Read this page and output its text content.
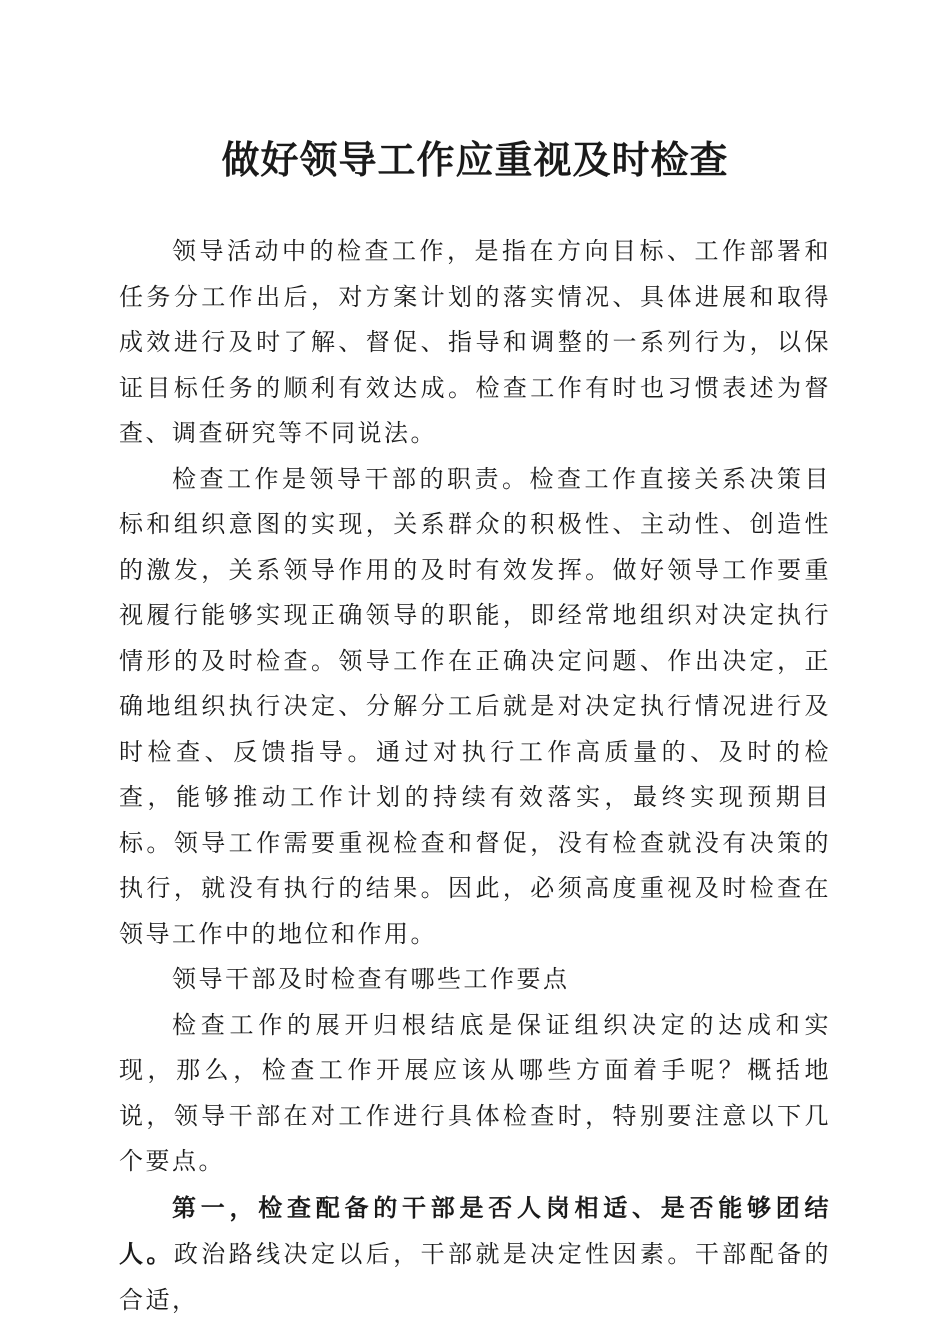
做好领导工作应重视及时检查

领导活动中的检查工作，是指在方向目标、工作部署和任务分工作出后，对方案计划的落实情况、具体进展和取得成效进行及时了解、督促、指导和调整的一系列行为，以保证目标任务的顺利有效达成。检查工作有时也习惯表述为督查、调查研究等不同说法。

检查工作是领导干部的职责。检查工作直接关系决策目标和组织意图的实现，关系群众的积极性、主动性、创造性的激发，关系领导作用的及时有效发挥。做好领导工作要重视履行能够实现正确领导的职能，即经常地组织对决定执行情形的及时检查。领导工作在正确决定问题、作出决定，正确地组织执行决定、分解分工后就是对决定执行情况进行及时检查、反馈指导。通过对执行工作高质量的、及时的检查，能够推动工作计划的持续有效落实，最终实现预期目标。领导工作需要重视检查和督促，没有检查就没有决策的执行，就没有执行的结果。因此，必须高度重视及时检查在领导工作中的地位和作用。

领导干部及时检查有哪些工作要点

检查工作的展开归根结底是保证组织决定的达成和实现，那么，检查工作开展应该从哪些方面着手呢？概括地说，领导干部在对工作进行具体检查时，特别要注意以下几个要点。

第一，检查配备的干部是否人岗相适、是否能够团结人。政治路线决定以后，干部就是决定性因素。干部配备的合适，
